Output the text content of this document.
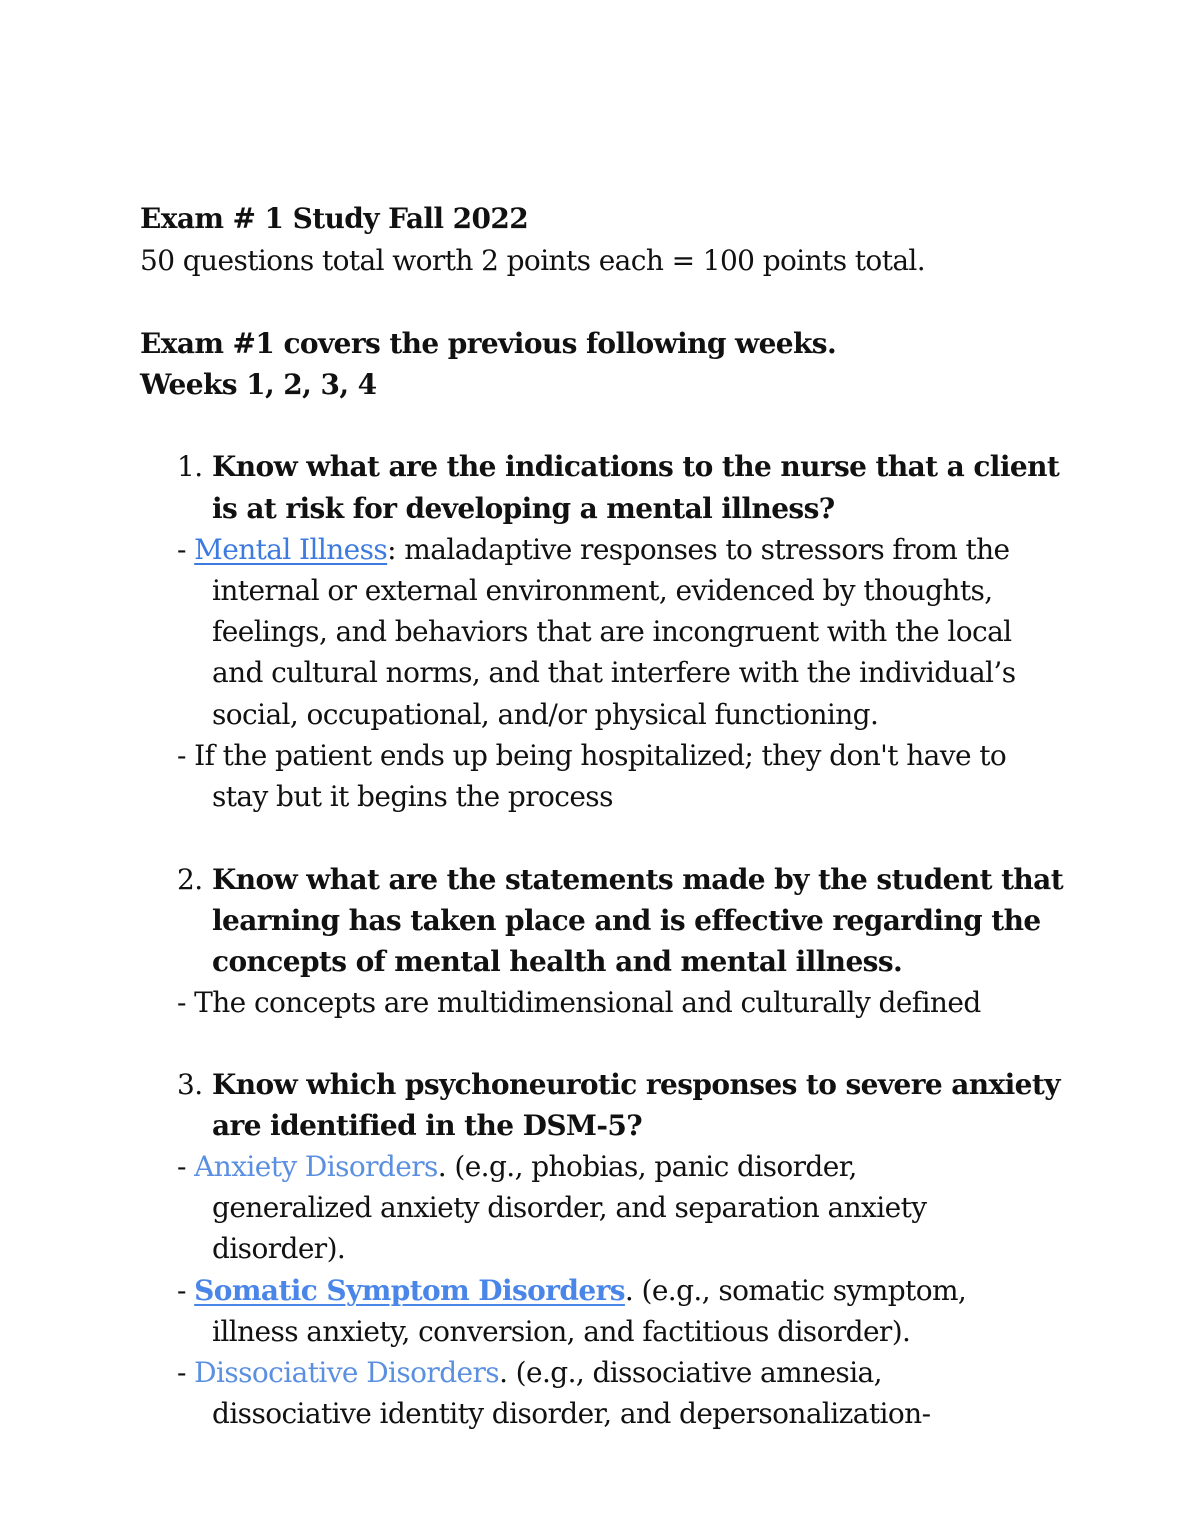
Exam # 1 Study Fall 2022
50 questions total worth 2 points each = 100 points total.
Exam #1 covers the previous following weeks.
Weeks 1, 2, 3, 4
1. Know what are the indications to the nurse that a client
is at risk for developing a mental illness?
- Mental Illness: maladaptive responses to stressors from the
internal or external environment, evidenced by thoughts,
feelings, and behaviors that are incongruent with the local
and cultural norms, and that interfere with the individual’s
social, occupational, and/or physical functioning.
- If the patient ends up being hospitalized; they don't have to
stay but it begins the process
2. Know what are the statements made by the student that
learning has taken place and is effective regarding the
concepts of mental health and mental illness.
- The concepts are multidimensional and culturally defined
3. Know which psychoneurotic responses to severe anxiety
are identified in the DSM-5?
- Anxiety Disorders. (e.g., phobias, panic disorder,
generalized anxiety disorder, and separation anxiety
disorder).
- Somatic Symptom Disorders. (e.g., somatic symptom,
illness anxiety, conversion, and factitious disorder).
- Dissociative Disorders. (e.g., dissociative amnesia,
dissociative identity disorder, and depersonalization-
